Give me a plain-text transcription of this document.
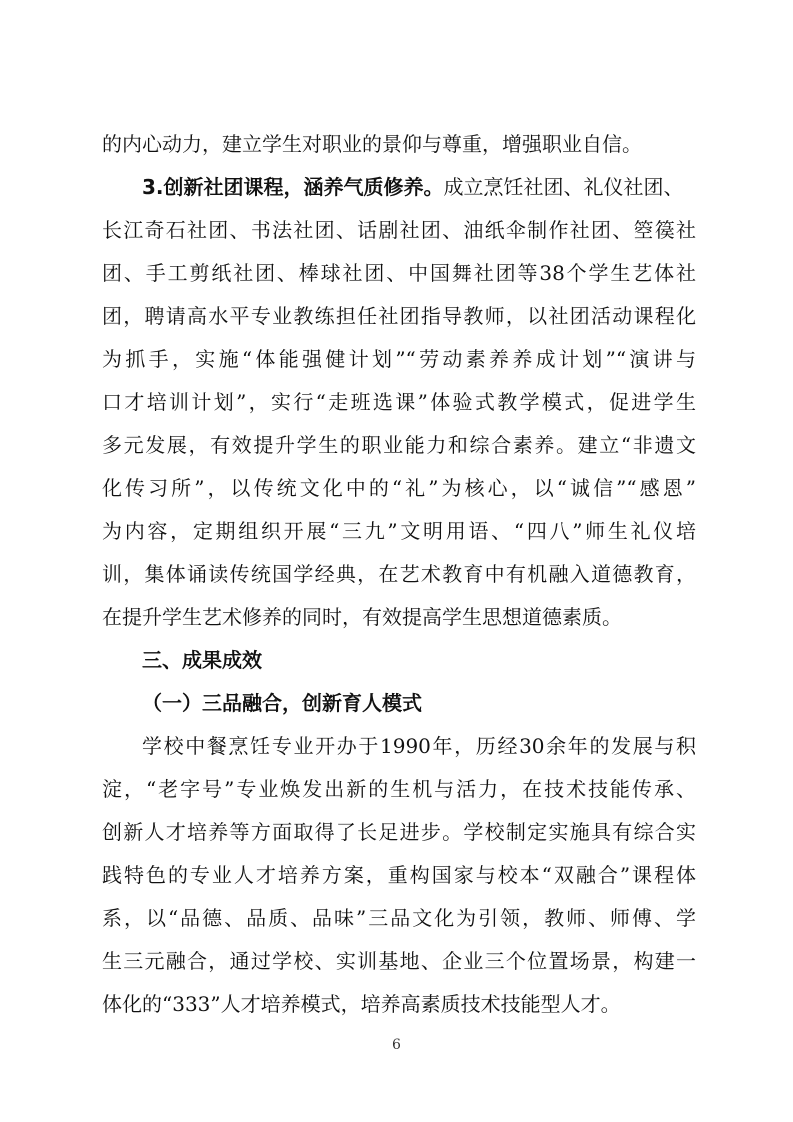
的内心动力，建立学生对职业的景仰与尊重，增强职业自信。
3.创新社团课程，涵养气质修养。成立烹饪社团、礼仪社团、
长江奇石社团、书法社团、话剧社团、油纸伞制作社团、箜篌社
团、手工剪纸社团、棒球社团、中国舞社团等38个学生艺体社
团，聘请高水平专业教练担任社团指导教师，以社团活动课程化
为抓手，实施“体能强健计划”“劳动素养养成计划”“演讲与
口才培训计划”，实行“走班选课”体验式教学模式，促进学生
多元发展，有效提升学生的职业能力和综合素养。建立“非遗文
化传习所”，以传统文化中的“礼”为核心，以“诚信”“感恩”
为内容，定期组织开展“三九”文明用语、“四八”师生礼仪培
训，集体诵读传统国学经典，在艺术教育中有机融入道德教育，
在提升学生艺术修养的同时，有效提高学生思想道德素质。
三、成果成效
（一）三品融合，创新育人模式
学校中餐烹饪专业开办于1990年，历经30余年的发展与积
淀，“老字号”专业焕发出新的生机与活力，在技术技能传承、
创新人才培养等方面取得了长足进步。学校制定实施具有综合实
践特色的专业人才培养方案，重构国家与校本“双融合”课程体
系，以“品德、品质、品味”三品文化为引领，教师、师傅、学
生三元融合，通过学校、实训基地、企业三个位置场景，构建一
体化的“333”人才培养模式，培养高素质技术技能型人才。
6
